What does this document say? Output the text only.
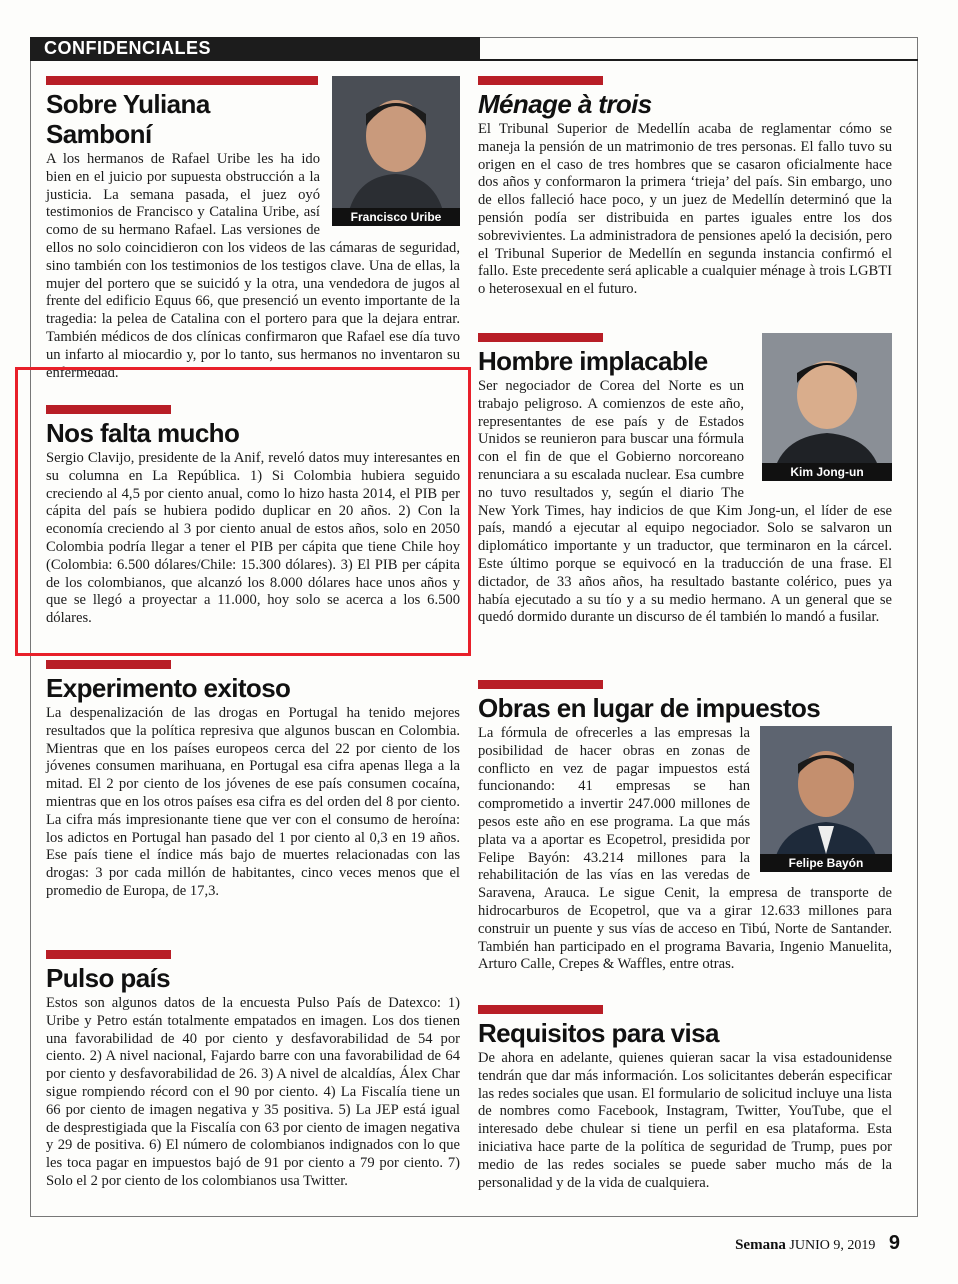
CONFIDENCIALES
Francisco Uribe
Sobre Yuliana Samboní

A los hermanos de Rafael Uribe les ha ido bien en el juicio por supuesta obstrucción a la justicia. La semana pasada, el juez oyó testimonios de Francisco y Catalina Uribe, así como de su hermano Rafael. Las versiones de ellos no solo coincidieron con los videos de las cámaras de seguridad, sino también con los testimonios de los testigos clave. Una de ellas, la mujer del portero que se suicidó y la otra, una vendedora de jugos al frente del edificio Equus 66, que presenció un evento importante de la tragedia: la pelea de Catalina con el portero para que la dejara entrar. También médicos de dos clínicas confirmaron que Rafael ese día tuvo un infarto al miocardio y, por lo tanto, sus hermanos no inventaron su enfermedad.

Ménage à trois

El Tribunal Superior de Medellín acaba de reglamentar cómo se maneja la pensión de un matrimonio de tres personas. El fallo tuvo su origen en el caso de tres hombres que se casaron oficialmente hace dos años y conformaron la primera ‘trieja’ del país. Sin embargo, uno de ellos falleció hace poco, y un juez de Medellín determinó que la pensión podía ser distribuida en partes iguales entre los dos sobrevivientes. La administradora de pensiones apeló la decisión, pero el Tribunal Superior de Medellín en segunda instancia confirmó el fallo. Este precedente será aplicable a cualquier ménage à trois LGBTI o heterosexual en el futuro.

Nos falta mucho

Sergio Clavijo, presidente de la Anif, reveló datos muy interesantes en su columna en La República. 1) Si Colombia hubiera seguido creciendo al 4,5 por ciento anual, como lo hizo hasta 2014, el PIB per cápita del país se hubiera podido duplicar en 20 años. 2) Con la economía creciendo al 3 por ciento anual de estos años, solo en 2050 Colombia podría llegar a tener el PIB per cápita que tiene Chile hoy (Colombia: 6.500 dólares/Chile: 15.300 dólares). 3) El PIB per cápita de los colombianos, que alcanzó los 8.000 dólares hace unos años y que se llegó a proyectar a 11.000, hoy solo se acerca a los 6.500 dólares.

Kim Jong-un
Hombre implacable

Ser negociador de Corea del Norte es un trabajo peligroso. A comienzos de este año, representantes de ese país y de Estados Unidos se reunieron para buscar una fórmula con el fin de que el Gobierno norcoreano renunciara a su escalada nuclear. Esa cumbre no tuvo resultados y, según el diario The New York Times, hay indicios de que Kim Jong-un, el líder de ese país, mandó a ejecutar al equipo negociador. Solo se salvaron un diplomático importante y un traductor, que terminaron en la cárcel. Este último porque se equivocó en la traducción de una frase. El dictador, de 33 años años, ha resultado bastante colérico, pues ya había ejecutado a su tío y a su medio hermano. A un general que se quedó dormido durante un discurso de él también lo mandó a fusilar.

Experimento exitoso

La despenalización de las drogas en Portugal ha tenido mejores resultados que la política represiva que algunos buscan en Colombia. Mientras que en los países europeos cerca del 22 por ciento de los jóvenes consumen marihuana, en Portugal esa cifra apenas llega a la mitad. El 2 por ciento de los jóvenes de ese país consumen cocaína, mientras que en los otros países esa cifra es del orden del 8 por ciento. La cifra más impresionante tiene que ver con el consumo de heroína: los adictos en Portugal han pasado del 1 por ciento al 0,3 en 19 años. Ese país tiene el índice más bajo de muertes relacionadas con las drogas: 3 por cada millón de habitantes, cinco veces menos que el promedio de Europa, de 17,3.

Felipe Bayón
Obras en lugar de impuestos

La fórmula de ofrecerles a las empresas la posibilidad de hacer obras en zonas de conflicto en vez de pagar impuestos está funcionando: 41 empresas se han comprometido a invertir 247.000 millones de pesos este año en ese programa. La que más plata va a aportar es Ecopetrol, presidida por Felipe Bayón: 43.214 millones para la rehabilitación de las vías en las veredas de Saravena, Arauca. Le sigue Cenit, la empresa de transporte de hidrocarburos de Ecopetrol, que va a girar 12.633 millones para construir un puente y sus vías de acceso en Tibú, Norte de Santander. También han participado en el programa Bavaria, Ingenio Manuelita, Arturo Calle, Crepes & Waffles, entre otras.

Pulso país

Estos son algunos datos de la encuesta Pulso País de Datexco: 1) Uribe y Petro están totalmente empatados en imagen. Los dos tienen una favorabilidad de 40 por ciento y desfavorabilidad de 54 por ciento. 2) A nivel nacional, Fajardo barre con una favorabilidad de 64 por ciento y desfavorabilidad de 26. 3) A nivel de alcaldías, Álex Char sigue rompiendo récord con el 90 por ciento. 4) La Fiscalía tiene un 66 por ciento de imagen negativa y 35 positiva. 5) La JEP está igual de desprestigiada que la Fiscalía con 63 por ciento de imagen negativa y 29 de positiva. 6) El número de colombianos indignados con lo que les toca pagar en impuestos bajó de 91 por ciento a 79 por ciento. 7) Solo el 2 por ciento de los colombianos usa Twitter.

Requisitos para visa

De ahora en adelante, quienes quieran sacar la visa estadounidense tendrán que dar más información. Los solicitantes deberán especificar las redes sociales que usan. El formulario de solicitud incluye una lista de nombres como Facebook, Instagram, Twitter, YouTube, que el interesado debe chulear si tiene un perfil en esa plataforma. Esta iniciativa hace parte de la política de seguridad de Trump, pues por medio de las redes sociales se puede saber mucho más de la personalidad y de la vida de cualquiera.

Semana JUNIO 9, 2019 9
